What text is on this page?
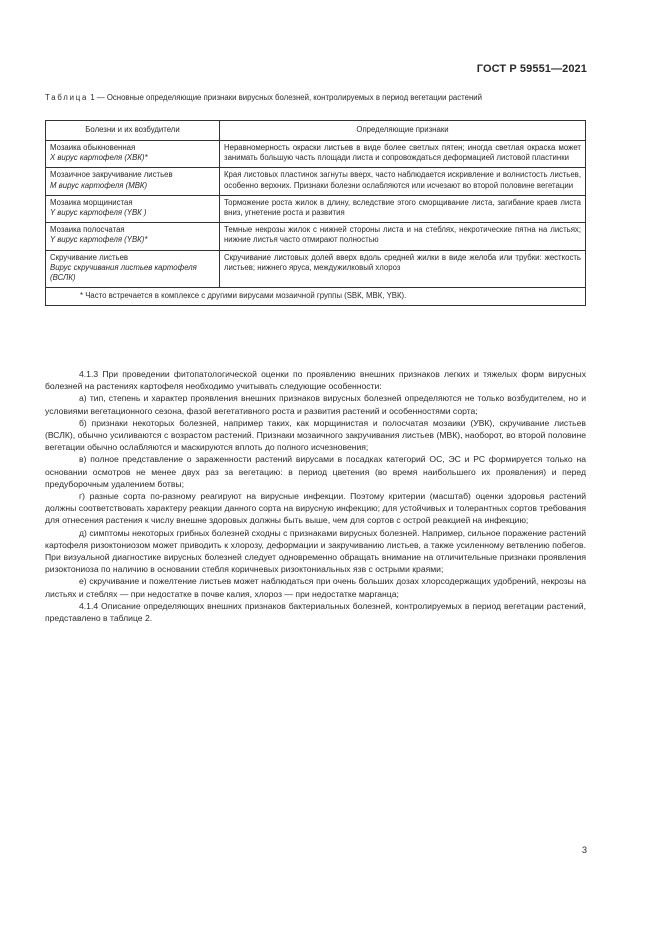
ГОСТ Р 59551—2021
Таблица 1 — Основные определяющие признаки вирусных болезней, контролируемых в период вегетации растений
Болезни и их возбудители	Определяющие признаки
Мозаика обыкновенная
X вирус картофеля (ХВК)*	Неравномерность окраски листьев в виде более светлых пятен; иногда светлая окраска может занимать большую часть площади листа и сопровождаться деформацией листовой пластинки
Мозаичное закручивание листьев
M вирус картофеля (МВК)	Края листовых пластинок загнуты вверх, часто наблюдается искривление и волнистость листьев, особенно верхних. Признаки болезни ослабляются или исчезают во второй половине вегетации
Мозаика морщинистая
Y вирус картофеля (YВК )	Торможение роста жилок в длину, вследствие этого сморщивание листа, загибание краев листа вниз, угнетение роста и развития
Мозаика полосчатая
Y вирус картофеля (YВК)*	Темные некрозы жилок с нижней стороны листа и на стеблях, некротические пятна на листьях; нижние листья часто отмирают полностью
Скручивание листьев
Вирус скручивания листьев картофеля (ВСЛК)	Скручивание листовых долей вверх вдоль средней жилки в виде желоба или трубки: жесткость листьев; нижнего яруса, междужилковый хлороз
* Часто встречается в комплексе с другими вирусами мозаичной группы (SВК, МВК, YВК).	

4.1.3 При проведении фитопатологической оценки по проявлению внешних признаков легких и тяжелых форм вирусных болезней на растениях картофеля необходимо учитывать следующие особенности:

а) тип, степень и характер проявления внешних признаков вирусных болезней определяются не только возбудителем, но и условиями вегетационного сезона, фазой вегетативного роста и развития растений и особенностями сорта;

б) признаки некоторых болезней, например таких, как морщинистая и полосчатая мозаики (УВК), скручивание листьев (ВСЛК), обычно усиливаются с возрастом растений. Признаки мозаичного закручивания листьев (МВК), наоборот, во второй половине вегетации обычно ослабляются и маскируются вплоть до полного исчезновения;

в) полное представление о зараженности растений вирусами в посадках категорий ОС, ЭС и РС формируется только на основании осмотров не менее двух раз за вегетацию: в период цветения (во время наибольшего их проявления) и перед предуборочным удалением ботвы;

г) разные сорта по-разному реагируют на вирусные инфекции. Поэтому критерии (масштаб) оценки здоровья растений должны соответствовать характеру реакции данного сорта на вирусную инфекцию; для устойчивых и толерантных сортов требования для отнесения растения к числу внешне здоровых должны быть выше, чем для сортов с острой реакцией на инфекцию;

д) симптомы некоторых грибных болезней сходны с признаками вирусных болезней. Например, сильное поражение растений картофеля ризоктониозом может приводить к хлорозу, деформации и закручиванию листьев, а также усиленному ветвлению побегов. При визуальной диагностике вирусных болезней следует одновременно обращать внимание на отличительные признаки проявления ризоктониоза по наличию в основании стебля коричневых ризоктониальных язв с острыми краями;

е) скручивание и пожелтение листьев может наблюдаться при очень больших дозах хлорсодержащих удобрений, некрозы на листьях и стеблях — при недостатке в почве калия, хлороз — при недостатке марганца;

4.1.4 Описание определяющих внешних признаков бактериальных болезней, контролируемых в период вегетации растений, представлено в таблице 2.

3
